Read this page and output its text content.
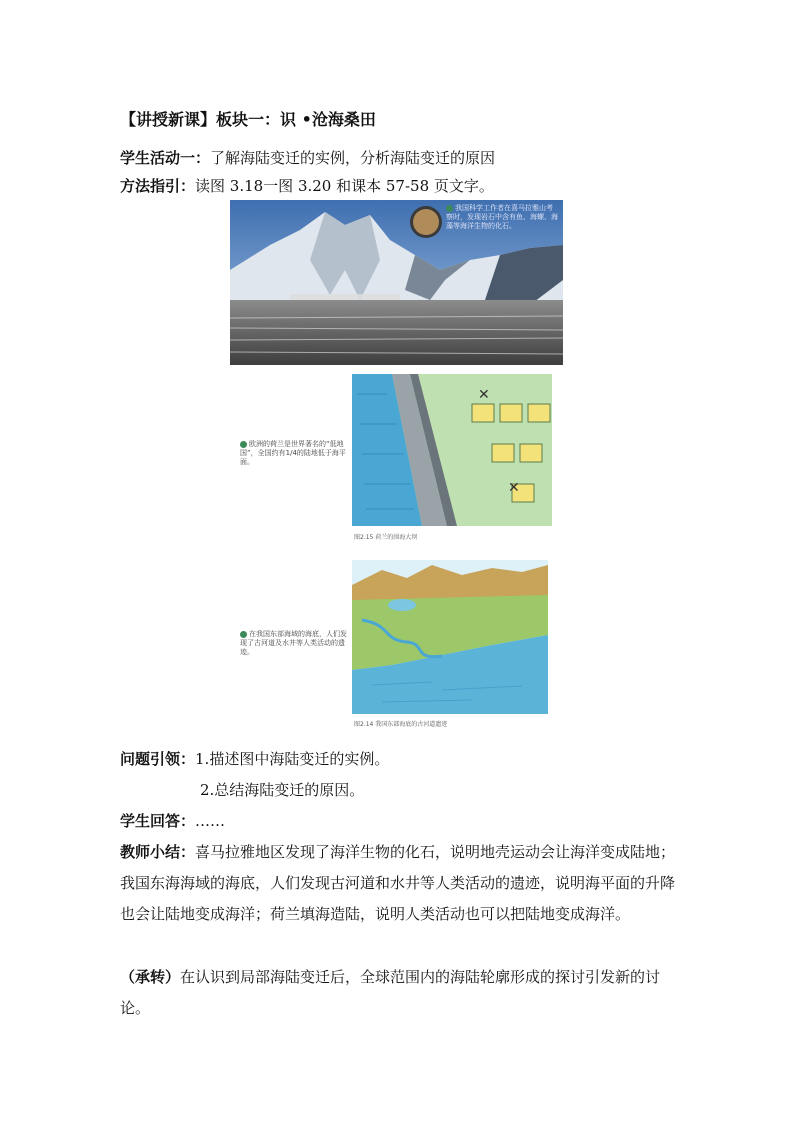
【讲授新课】板块一：识 •沧海桑田
学生活动一：了解海陆变迁的实例，分析海陆变迁的原因
方法指引：读图 3.18一图 3.20 和课本 57-58 页文字。
我国科学工作者在喜马拉雅山考察时，发现岩石中含有鱼、海螺、海藻等海洋生物的化石。
欧洲的荷兰是世界著名的“低地国”，全国约有1/4的陆地低于海平面。
✕
✕
图2.15 荷兰的围海大坝
在我国东部海域的海底，人们发现了古河道及水井等人类活动的遗迹。
图2.14 我国东部海底的古河道遗迹
问题引领：1.描述图中海陆变迁的实例。
2.总结海陆变迁的原因。
学生回答：……
教师小结：喜马拉雅地区发现了海洋生物的化石，说明地壳运动会让海洋变成陆地；我国东海海域的海底，人们发现古河道和水井等人类活动的遗迹，说明海平面的升降也会让陆地变成海洋；荷兰填海造陆，说明人类活动也可以把陆地变成海洋。
（承转）在认识到局部海陆变迁后，全球范围内的海陆轮廓形成的探讨引发新的讨论。
